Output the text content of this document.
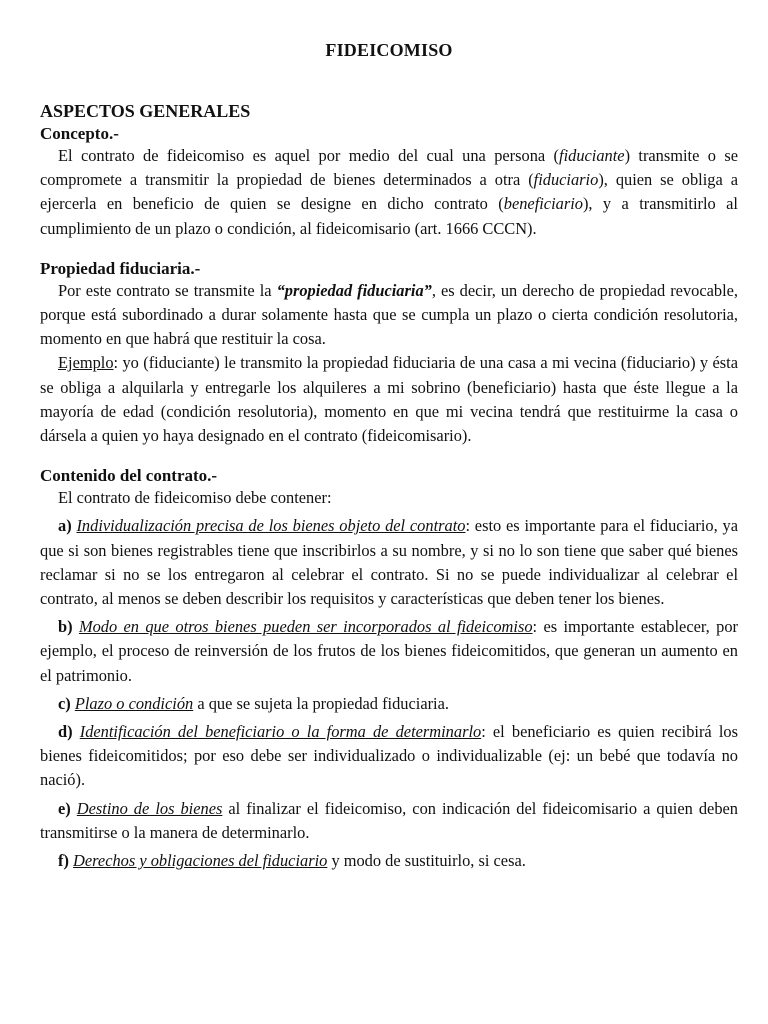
FIDEICOMISO
ASPECTOS GENERALES
Concepto.-

El contrato de fideicomiso es aquel por medio del cual una persona (fiduciante) transmite o se compromete a transmitir la propiedad de bienes determinados a otra (fiduciario), quien se obliga a ejercerla en beneficio de quien se designe en dicho contrato (beneficiario), y a transmitirlo al cumplimiento de un plazo o condición, al fideicomisario (art. 1666 CCCN).

Propiedad fiduciaria.-

Por este contrato se transmite la “propiedad fiduciaria”, es decir, un derecho de propiedad revocable, porque está subordinado a durar solamente hasta que se cumpla un plazo o cierta condición resolutoria, momento en que habrá que restituir la cosa.

Ejemplo: yo (fiduciante) le transmito la propiedad fiduciaria de una casa a mi vecina (fiduciario) y ésta se obliga a alquilarla y entregarle los alquileres a mi sobrino (beneficiario) hasta que éste llegue a la mayoría de edad (condición resolutoria), momento en que mi vecina tendrá que restituirme la casa o dársela a quien yo haya designado en el contrato (fideicomisario).

Contenido del contrato.-

El contrato de fideicomiso debe contener:

a) Individualización precisa de los bienes objeto del contrato: esto es importante para el fiduciario, ya que si son bienes registrables tiene que inscribirlos a su nombre, y si no lo son tiene que saber qué bienes reclamar si no se los entregaron al celebrar el contrato. Si no se puede individualizar al celebrar el contrato, al menos se deben describir los requisitos y características que deben tener los bienes.

b) Modo en que otros bienes pueden ser incorporados al fideicomiso: es importante establecer, por ejemplo, el proceso de reinversión de los frutos de los bienes fideicomitidos, que generan un aumento en el patrimonio.

c) Plazo o condición a que se sujeta la propiedad fiduciaria.

d) Identificación del beneficiario o la forma de determinarlo: el beneficiario es quien recibirá los bienes fideicomitidos; por eso debe ser individualizado o individualizable (ej: un bebé que todavía no nació).

e) Destino de los bienes al finalizar el fideicomiso, con indicación del fideicomisario a quien deben transmitirse o la manera de determinarlo.

f) Derechos y obligaciones del fiduciario y modo de sustituirlo, si cesa.
